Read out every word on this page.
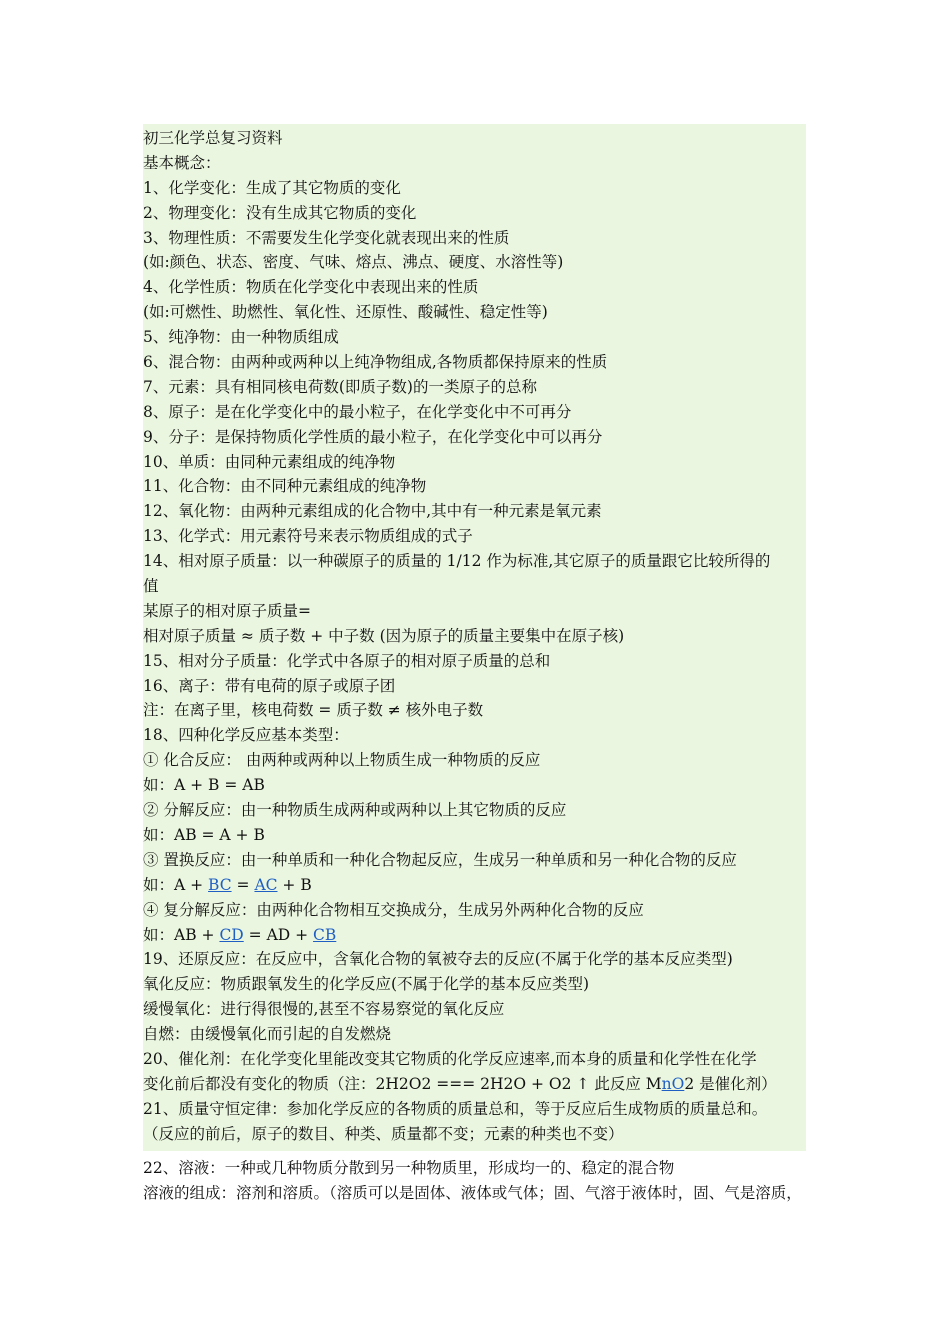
初三化学总复习资料
基本概念：
1、化学变化：生成了其它物质的变化
2、物理变化：没有生成其它物质的变化
3、物理性质：不需要发生化学变化就表现出来的性质
(如:颜色、状态、密度、气味、熔点、沸点、硬度、水溶性等)
4、化学性质：物质在化学变化中表现出来的性质
(如:可燃性、助燃性、氧化性、还原性、酸碱性、稳定性等)
5、纯净物：由一种物质组成
6、混合物：由两种或两种以上纯净物组成,各物质都保持原来的性质
7、元素：具有相同核电荷数(即质子数)的一类原子的总称
8、原子：是在化学变化中的最小粒子，在化学变化中不可再分
9、分子：是保持物质化学性质的最小粒子，在化学变化中可以再分
10、单质：由同种元素组成的纯净物
11、化合物：由不同种元素组成的纯净物
12、氧化物：由两种元素组成的化合物中,其中有一种元素是氧元素
13、化学式：用元素符号来表示物质组成的式子
14、相对原子质量：以一种碳原子的质量的 1/12 作为标准,其它原子的质量跟它比较所得的
值
某原子的相对原子质量=
相对原子质量 ≈ 质子数 + 中子数 (因为原子的质量主要集中在原子核)
15、相对分子质量：化学式中各原子的相对原子质量的总和
16、离子：带有电荷的原子或原子团
注：在离子里，核电荷数 = 质子数 ≠ 核外电子数
18、四种化学反应基本类型：
① 化合反应： 由两种或两种以上物质生成一种物质的反应
如：A + B = AB
② 分解反应：由一种物质生成两种或两种以上其它物质的反应
如：AB = A + B
③ 置换反应：由一种单质和一种化合物起反应，生成另一种单质和另一种化合物的反应
如：A + BC = AC + B
④ 复分解反应：由两种化合物相互交换成分，生成另外两种化合物的反应
如：AB + CD = AD + CB
19、还原反应：在反应中，含氧化合物的氧被夺去的反应(不属于化学的基本反应类型)
氧化反应：物质跟氧发生的化学反应(不属于化学的基本反应类型)
缓慢氧化：进行得很慢的,甚至不容易察觉的氧化反应
自燃：由缓慢氧化而引起的自发燃烧
20、催化剂：在化学变化里能改变其它物质的化学反应速率,而本身的质量和化学性在化学
变化前后都没有变化的物质（注：2H2O2 === 2H2O + O2 ↑ 此反应 MnO2 是催化剂）
21、质量守恒定律：参加化学反应的各物质的质量总和，等于反应后生成物质的质量总和。
（反应的前后，原子的数目、种类、质量都不变；元素的种类也不变）
22、溶液：一种或几种物质分散到另一种物质里，形成均一的、稳定的混合物
溶液的组成：溶剂和溶质。（溶质可以是固体、液体或气体；固、气溶于液体时，固、气是溶质，
